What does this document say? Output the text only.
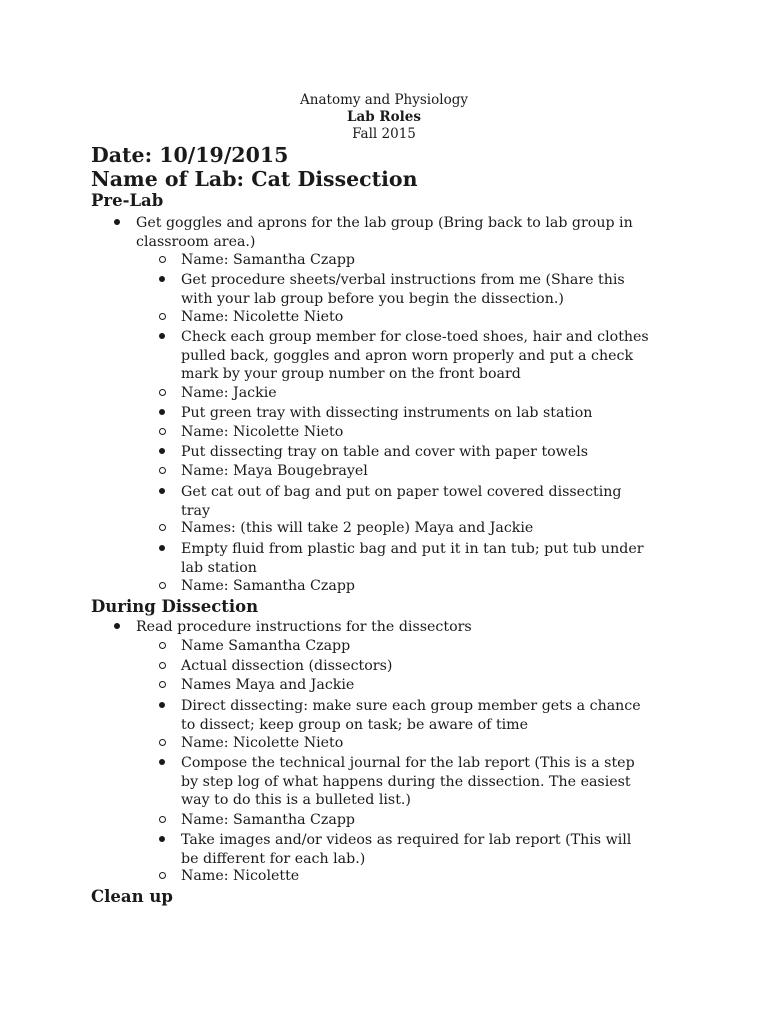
Anatomy and Physiology
Lab Roles
Fall 2015
Date: 10/19/2015
Name of Lab: Cat Dissection
Pre-Lab
Get goggles and aprons for the lab group (Bring back to lab group in
classroom area.)
Name: Samantha Czapp
Get procedure sheets/verbal instructions from me (Share this
with your lab group before you begin the dissection.)
Name: Nicolette Nieto
Check each group member for close-toed shoes, hair and clothes
pulled back, goggles and apron worn properly and put a check
mark by your group number on the front board
Name: Jackie
Put green tray with dissecting instruments on lab station
Name: Nicolette Nieto
Put dissecting tray on table and cover with paper towels
Name: Maya Bougebrayel
Get cat out of bag and put on paper towel covered dissecting
tray
Names: (this will take 2 people) Maya and Jackie
Empty fluid from plastic bag and put it in tan tub; put tub under
lab station
Name: Samantha Czapp
During Dissection
Read procedure instructions for the dissectors
Name Samantha Czapp
Actual dissection (dissectors)
Names Maya and Jackie
Direct dissecting: make sure each group member gets a chance
to dissect; keep group on task; be aware of time
Name: Nicolette Nieto
Compose the technical journal for the lab report (This is a step
by step log of what happens during the dissection. The easiest
way to do this is a bulleted list.)
Name: Samantha Czapp
Take images and/or videos as required for lab report (This will
be different for each lab.)
Name: Nicolette
Clean up
